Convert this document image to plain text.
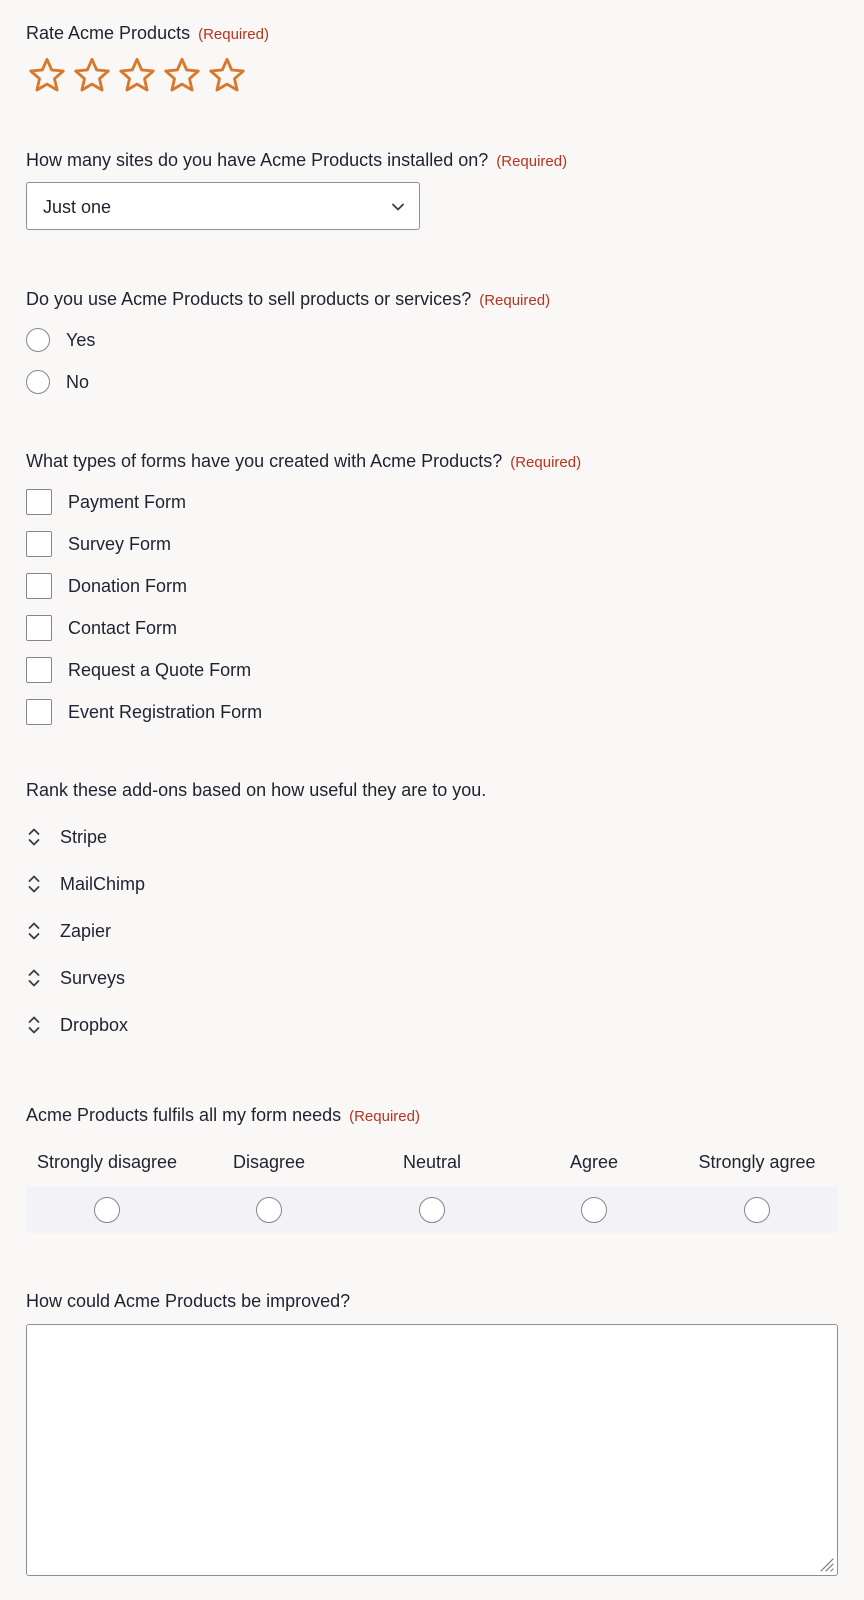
Rate Acme Products (Required)
How many sites do you have Acme Products installed on? (Required)
Just one
Do you use Acme Products to sell products or services? (Required)
Yes
No
What types of forms have you created with Acme Products? (Required)
Payment Form
Survey Form
Donation Form
Contact Form
Request a Quote Form
Event Registration Form
Rank these add-ons based on how useful they are to you.
Stripe
MailChimp
Zapier
Surveys
Dropbox
Acme Products fulfils all my form needs (Required)
Strongly disagree	Disagree	Neutral	Agree	Strongly agree
How could Acme Products be improved?
